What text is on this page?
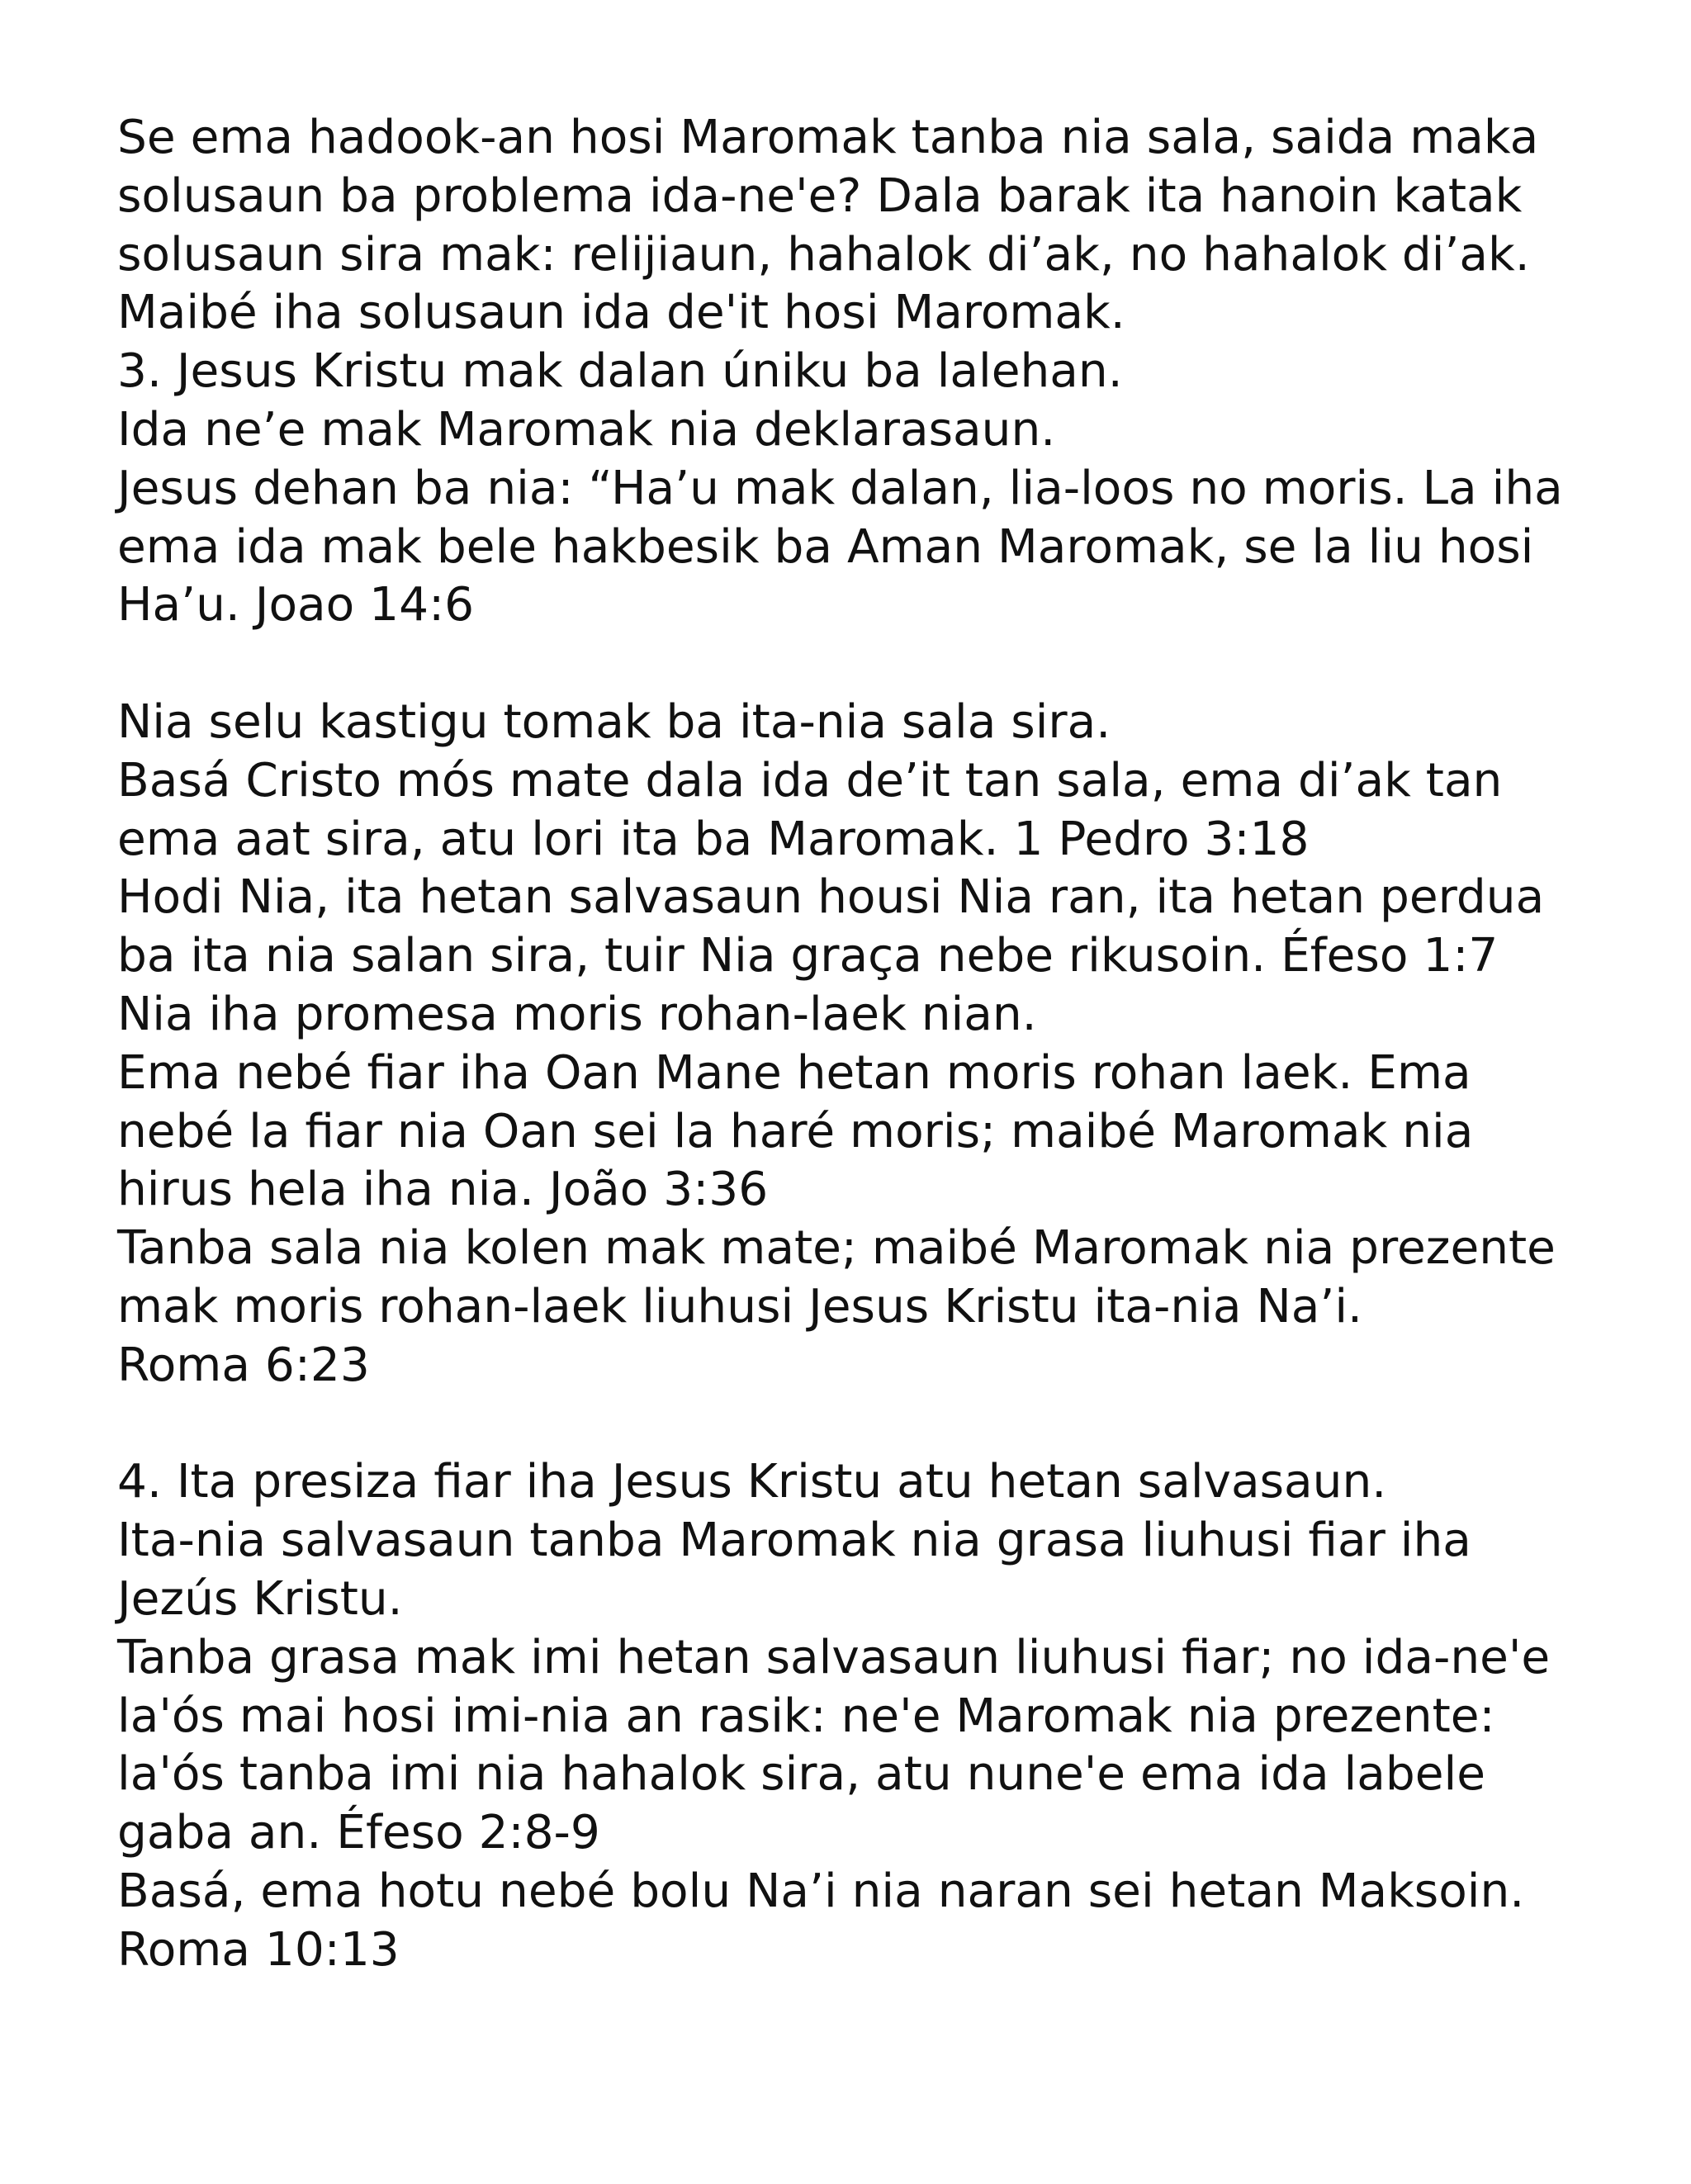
Se ema hadook-an hosi Maromak tanba nia sala, saida maka
solusaun ba problema ida-ne'e? Dala barak ita hanoin katak
solusaun sira mak: relijiaun, hahalok di’ak, no hahalok di’ak.
Maibé iha solusaun ida de'it hosi Maromak.
3. Jesus Kristu mak dalan úniku ba lalehan.
Ida ne’e mak Maromak nia deklarasaun.
Jesus dehan ba nia: “Ha’u mak dalan, lia-loos no moris. La iha
ema ida mak bele hakbesik ba Aman Maromak, se la liu hosi
Ha’u. Joao 14:6
Nia selu kastigu tomak ba ita-nia sala sira.
Basá Cristo mós mate dala ida de’it tan sala, ema di’ak tan
ema aat sira, atu lori ita ba Maromak. 1 Pedro 3:18
Hodi Nia, ita hetan salvasaun housi Nia ran, ita hetan perdua
ba ita nia salan sira, tuir Nia graça nebe rikusoin. Éfeso 1:7
Nia iha promesa moris rohan-laek nian.
Ema nebé fiar iha Oan Mane hetan moris rohan laek. Ema
nebé la fiar nia Oan sei la haré moris; maibé Maromak nia
hirus hela iha nia. João 3:36
Tanba sala nia kolen mak mate; maibé Maromak nia prezente
mak moris rohan-laek liuhusi Jesus Kristu ita-nia Na’i.
Roma 6:23
4. Ita presiza fiar iha Jesus Kristu atu hetan salvasaun.
Ita-nia salvasaun tanba Maromak nia grasa liuhusi fiar iha
Jezús Kristu.
Tanba grasa mak imi hetan salvasaun liuhusi fiar; no ida-ne'e
la'ós mai hosi imi-nia an rasik: ne'e Maromak nia prezente:
la'ós tanba imi nia hahalok sira, atu nune'e ema ida labele
gaba an. Éfeso 2:8-9
Basá, ema hotu nebé bolu Na’i nia naran sei hetan Maksoin.
Roma 10:13
